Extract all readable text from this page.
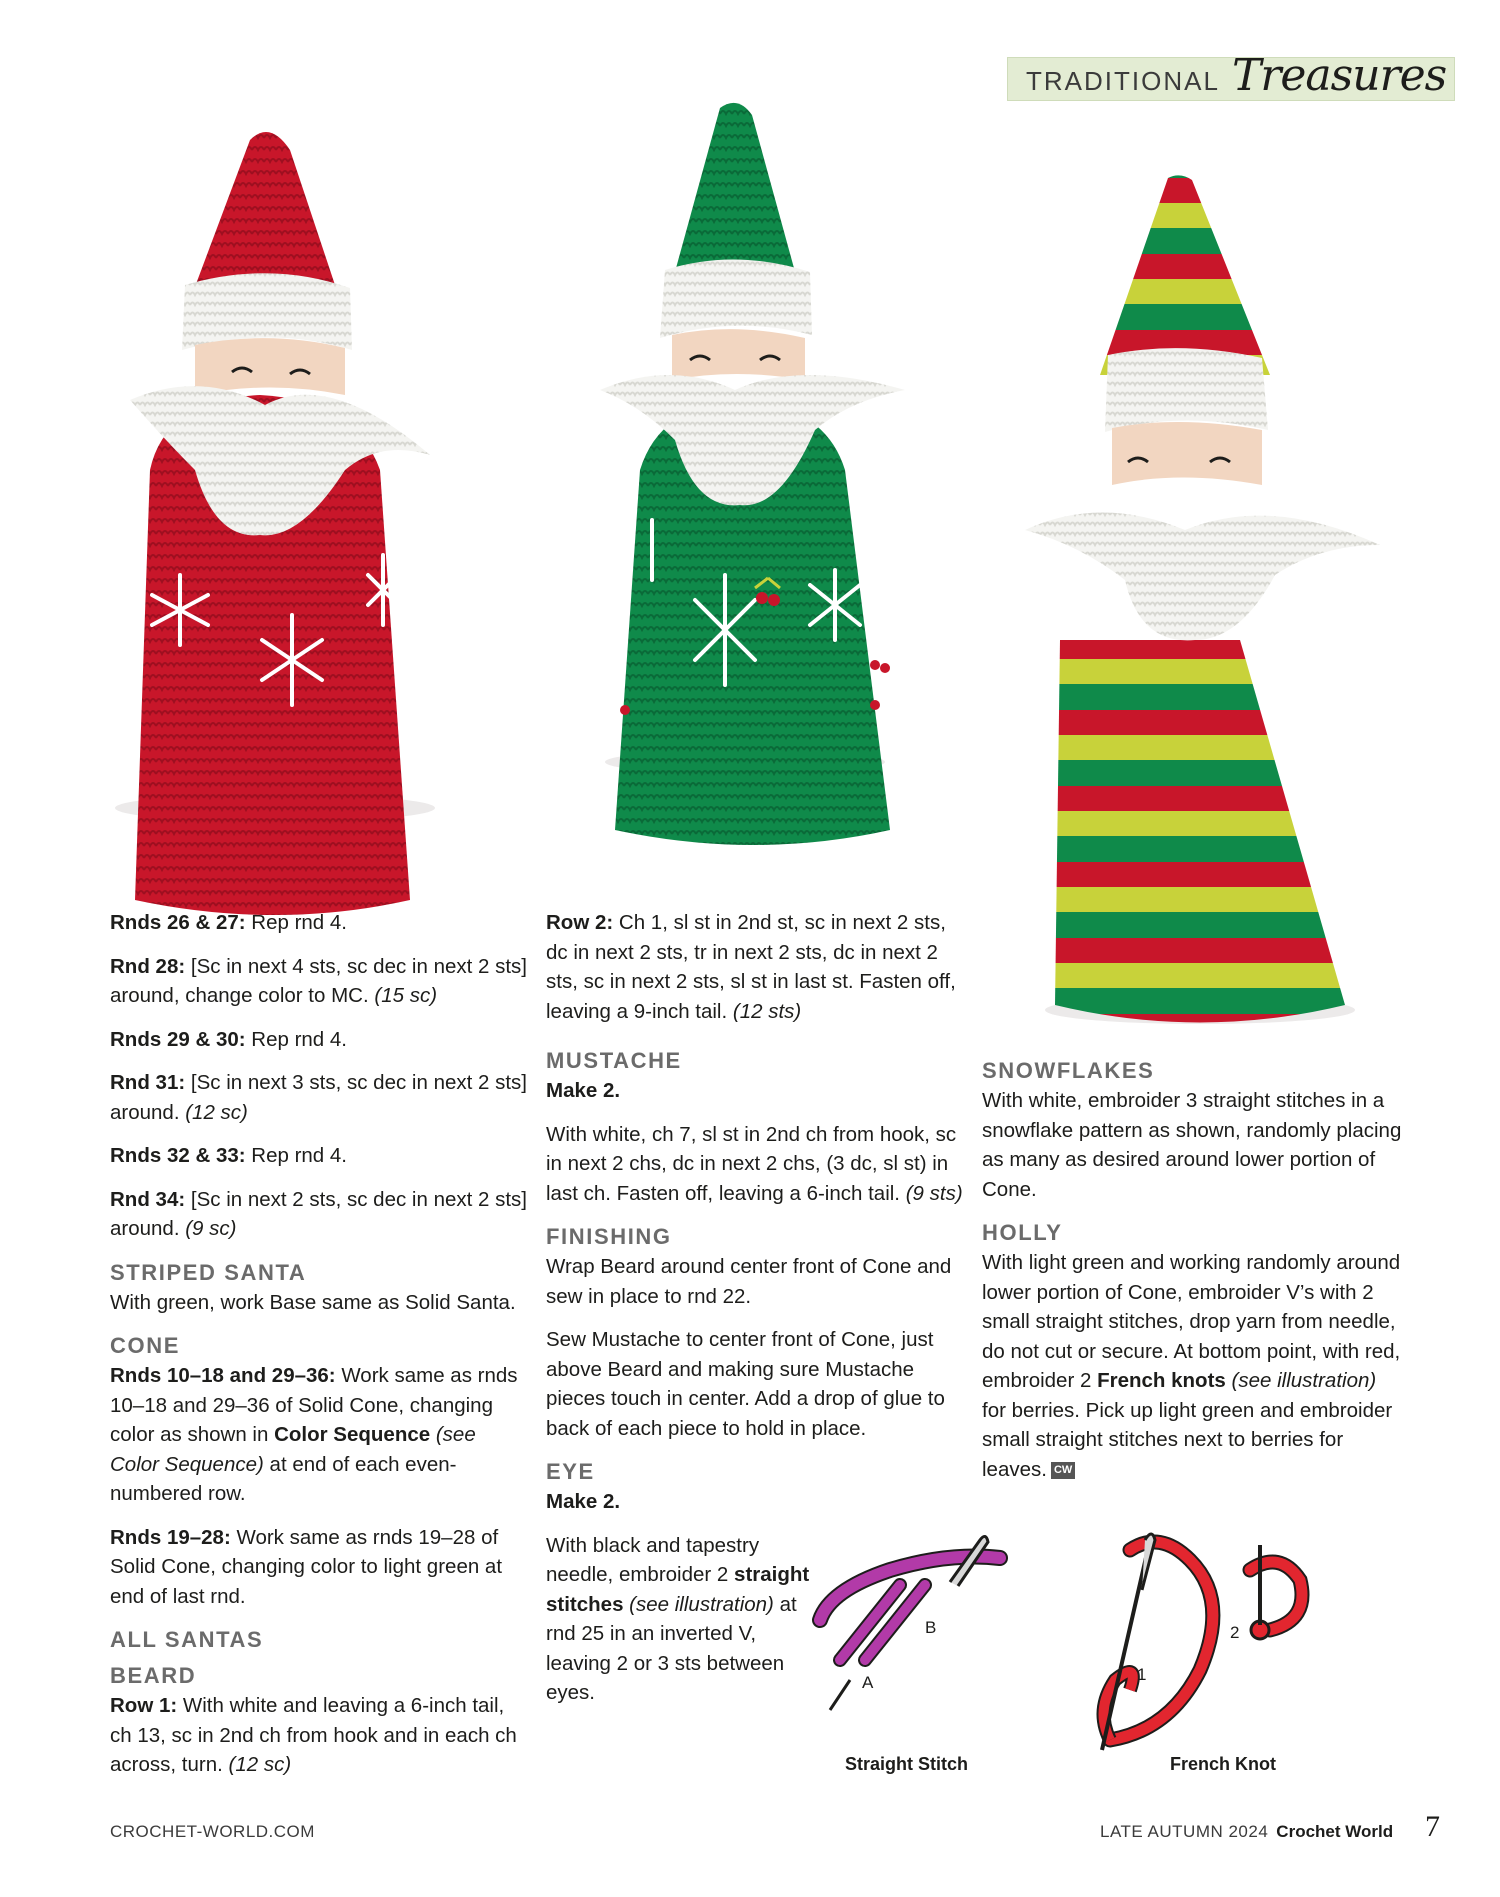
TRADITIONAL Treasures

Rnds 26 & 27: Rep rnd 4.

Rnd 28: [Sc in next 4 sts, sc dec in next 2 sts] around, change color to MC. (15 sc)

Rnds 29 & 30: Rep rnd 4.

Rnd 31: [Sc in next 3 sts, sc dec in next 2 sts] around. (12 sc)

Rnds 32 & 33: Rep rnd 4.

Rnd 34: [Sc in next 2 sts, sc dec in next 2 sts] around. (9 sc)

STRIPED SANTA

With green, work Base same as Solid Santa.

CONE

Rnds 10–18 and 29–36: Work same as rnds 10–18 and 29–36 of Solid Cone, changing color as shown in Color Sequence (see Color Sequence) at end of each even-numbered row.

Rnds 19–28: Work same as rnds 19–28 of Solid Cone, changing color to light green at end of last rnd.

ALL SANTAS
BEARD

Row 1: With white and leaving a 6-inch tail, ch 13, sc in 2nd ch from hook and in each ch across, turn. (12 sc)

Row 2: Ch 1, sl st in 2nd st, sc in next 2 sts, dc in next 2 sts, tr in next 2 sts, dc in next 2 sts, sc in next 2 sts, sl st in last st. Fasten off, leaving a 9-inch tail. (12 sts)

MUSTACHE

Make 2.

With white, ch 7, sl st in 2nd ch from hook, sc in next 2 chs, dc in next 2 chs, (3 dc, sl st) in last ch. Fasten off, leaving a 6-inch tail. (9 sts)

FINISHING

Wrap Beard around center front of Cone and sew in place to rnd 22.

Sew Mustache to center front of Cone, just above Beard and making sure Mustache pieces touch in center. Add a drop of glue to back of each piece to hold in place.

EYE

Make 2.

With black and tapestry needle, embroider 2 straight stitches (see illustration) at rnd 25 in an inverted V, leaving 2 or 3 sts between eyes.

SNOWFLAKES

With white, embroider 3 straight stitches in a snowflake pattern as shown, randomly placing as many as desired around lower portion of Cone.

HOLLY

With light green and working randomly around lower portion of Cone, embroider V’s with 2 small straight stitches, drop yarn from needle, do not cut or secure. At bottom point, with red, embroider 2 French knots (see illustration) for berries. Pick up light green and embroider small straight stitches next to berries for leaves. CW

A
B
Straight Stitch
1
2
French Knot
CROCHET-WORLD.COM	LATE AUTUMN 2024 Crochet World 7
